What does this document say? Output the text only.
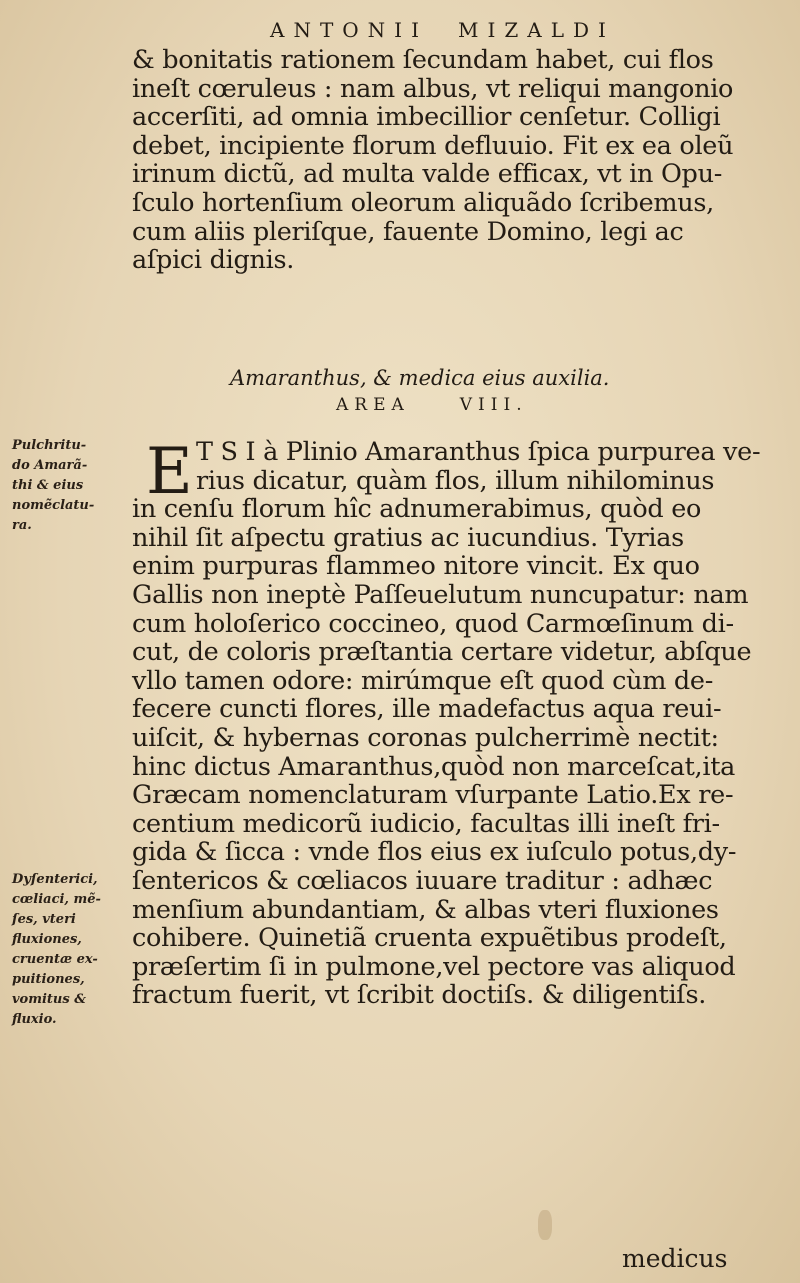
ANTONII MIZALDI
& bonitatis rationem ſecundam habet, cui flos
ineſt cœruleus : nam albus, vt reliqui mangonio
accerſiti, ad omnia imbecillior cenſetur. Colligi
debet, incipiente florum defluuio. Fit ex ea oleũ
irinum dictũ, ad multa valde efficax, vt in Opu-
ſculo hortenſium oleorum aliquãdo ſcribemus,
cum aliis pleriſque, fauente Domino, legi ac
aſpici dignis.
Amaranthus, & medica eius auxilia.
AREA	VIII.
E T S I à Plinio Amaranthus ſpica purpurea ve-
rius dicatur, quàm flos, illum nihilominus
in cenſu florum hîc adnumerabimus, quòd eo
nihil ſit aſpectu gratius ac iucundius. Tyrias
enim purpuras flammeo nitore vincit. Ex quo
Gallis non ineptè Paſſeuelutum nuncupatur: nam
cum holoſerico coccineo, quod Carmœſinum di-
cut, de coloris præſtantia certare videtur, abſque
vllo tamen odore: mirúmque eſt quod cùm de-
fecere cuncti flores, ille madefactus aqua reui-
uiſcit, & hybernas coronas pulcherrimè nectit:
hinc dictus Amaranthus,quòd non marceſcat,ita
Græcam nomenclaturam vſurpante Latio.Ex re-
centium medicorũ iudicio, facultas illi ineſt fri-
gida & ſicca : vnde flos eius ex iuſculo potus,dy-
ſentericos & cœliacos iuuare traditur : adhæc
menſium abundantiam, & albas vteri fluxiones
cohibere. Quinetiã cruenta expuẽtibus prodeſt,
præſertim ſi in pulmone,vel pectore vas aliquod
fractum fuerit, vt ſcribit doctiſs. & diligentiſs.
Pulchritu-
do Amarã-
thi & eius
nomẽclatu-
ra.
Dyſenterici,
cœliaci, mẽ-
ſes, vteri
fluxiones,
cruentæ ex-
puitiones,
vomitus &
fluxio.
medicus
